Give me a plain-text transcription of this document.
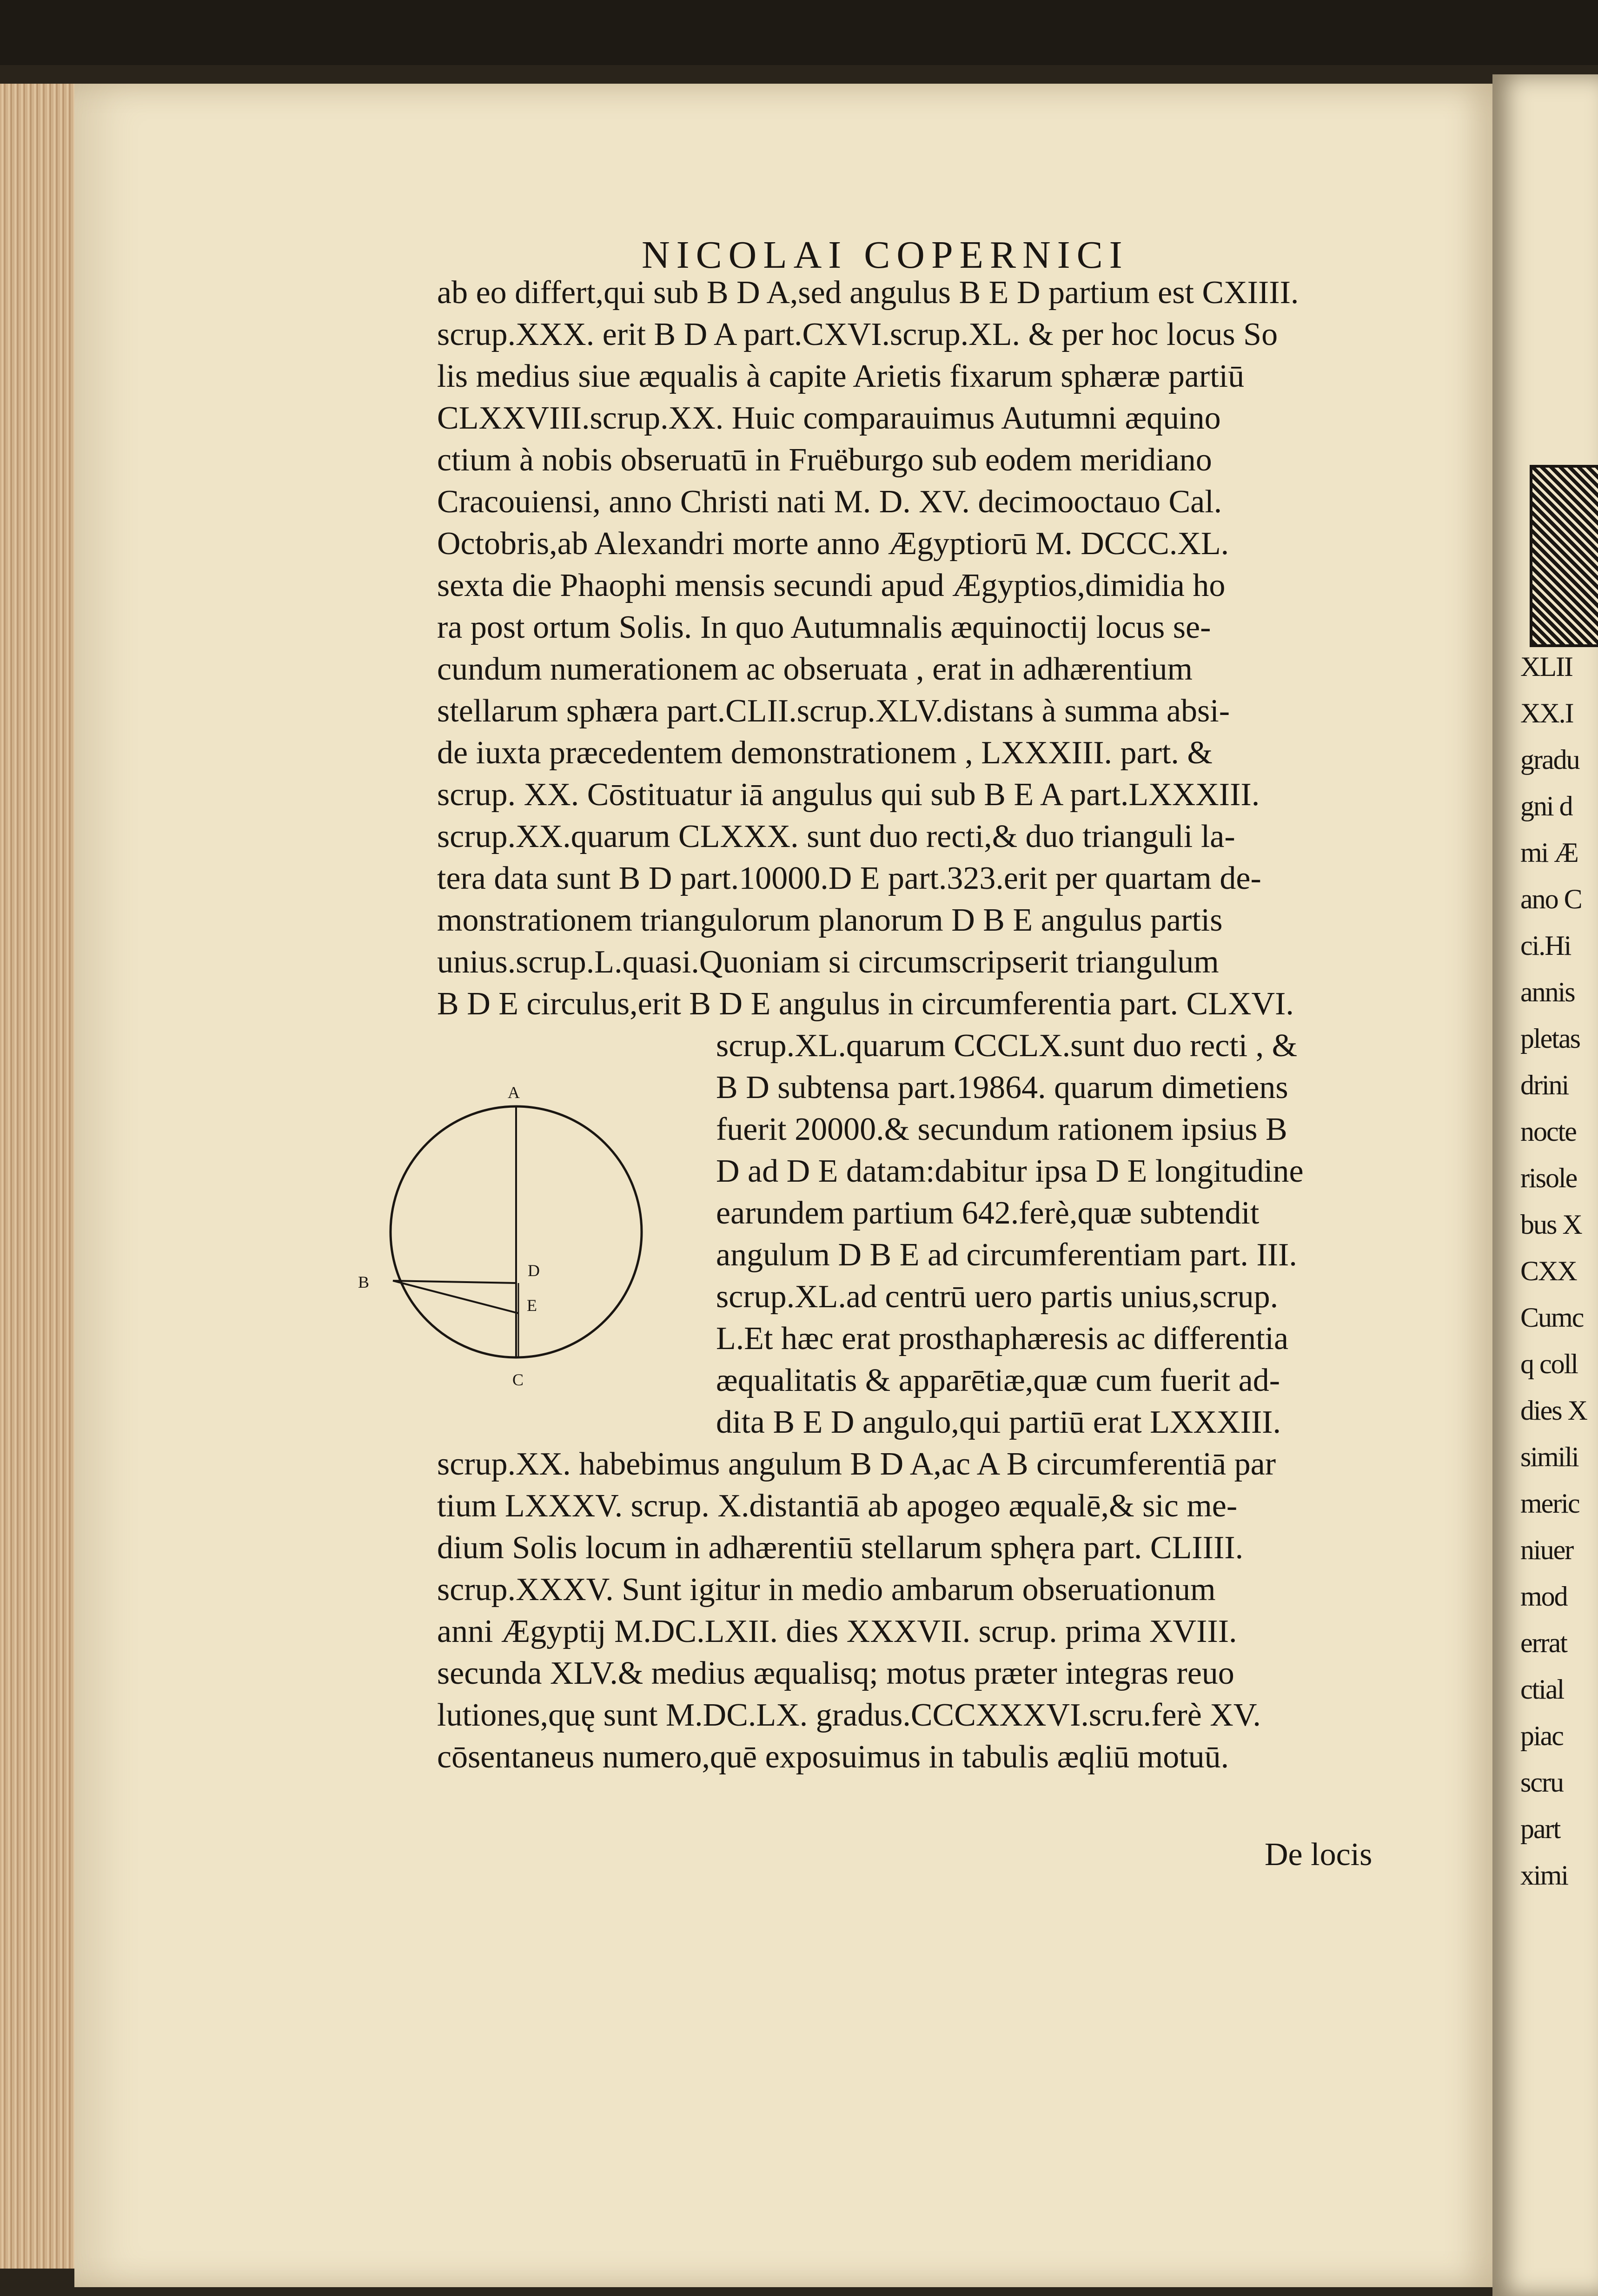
NICOLAI COPERNICI
ab eo differt,qui sub B D A,sed angulus B E D partium est CXIIII.
scrup.XXX. erit B D A part.CXVI.scrup.XL. & per hoc locus So
lis medius siue æqualis à capite Arietis fixarum sphæræ partiū
CLXXVIII.scrup.XX. Huic comparauimus Autumni æquino
ctium à nobis obseruatū in Fruëburgo sub eodem meridiano
Cracouiensi, anno Christi nati M. D. XV. decimooctauo Cal.
Octobris,ab Alexandri morte anno Ægyptiorū M. DCCC.XL.
sexta die Phaophi mensis secundi apud Ægyptios,dimidia ho
ra post ortum Solis. In quo Autumnalis æquinoctij locus se-
cundum numerationem ac obseruata , erat in adhærentium
stellarum sphæra part.CLII.scrup.XLV.distans à summa absi-
de iuxta præcedentem demonstrationem , LXXXIII. part. &
scrup. XX. Cōstituatur iā angulus qui sub B E A part.LXXXIII.
scrup.XX.quarum CLXXX. sunt duo recti,& duo trianguli la-
tera data sunt B D part.10000.D E part.323.erit per quartam de-
monstrationem triangulorum planorum D B E angulus partis
unius.scrup.L.quasi.Quoniam si circumscripserit triangulum
B D E circulus,erit B D E angulus in circumferentia part. CLXVI.
scrup.XL.quarum CCCLX.sunt duo recti , &
B D subtensa part.19864. quarum dimetiens
fuerit 20000.& secundum rationem ipsius B
D ad D E datam:dabitur ipsa D E longitudine
earundem partium 642.ferè,quæ subtendit
angulum D B E ad circumferentiam part. III.
scrup.XL.ad centrū uero partis unius,scrup.
L.Et hæc erat prosthaphæresis ac differentia
æqualitatis & apparētiæ,quæ cum fuerit ad-
dita B E D angulo,qui partiū erat LXXXIII.
scrup.XX. habebimus angulum B D A,ac A B circumferentiā par
tium LXXXV. scrup. X.distantiā ab apogeo æqualē,& sic me-
dium Solis locum in adhærentiū stellarum sphęra part. CLIIII.
scrup.XXXV. Sunt igitur in medio ambarum obseruationum
anni Ægyptij M.DC.LXII. dies XXXVII. scrup. prima XVIII.
secunda XLV.& medius æqualisq; motus præter integras reuo
lutiones,quę sunt M.DC.LX. gradus.CCCXXXVI.scru.ferè XV.
cōsentaneus numero,quē exposuimus in tabulis æqliū motuū.
A
B
C
D
E
De locis
XLII
XX.I
gradu
gni d
mi Æ
ano C
ci.Hi
annis
pletas
drini
nocte
risole
bus X
CXX
Cumc
q coll
dies X
simili
meric
niuer
mod
errat
ctial
piac
scru
part
ximi
